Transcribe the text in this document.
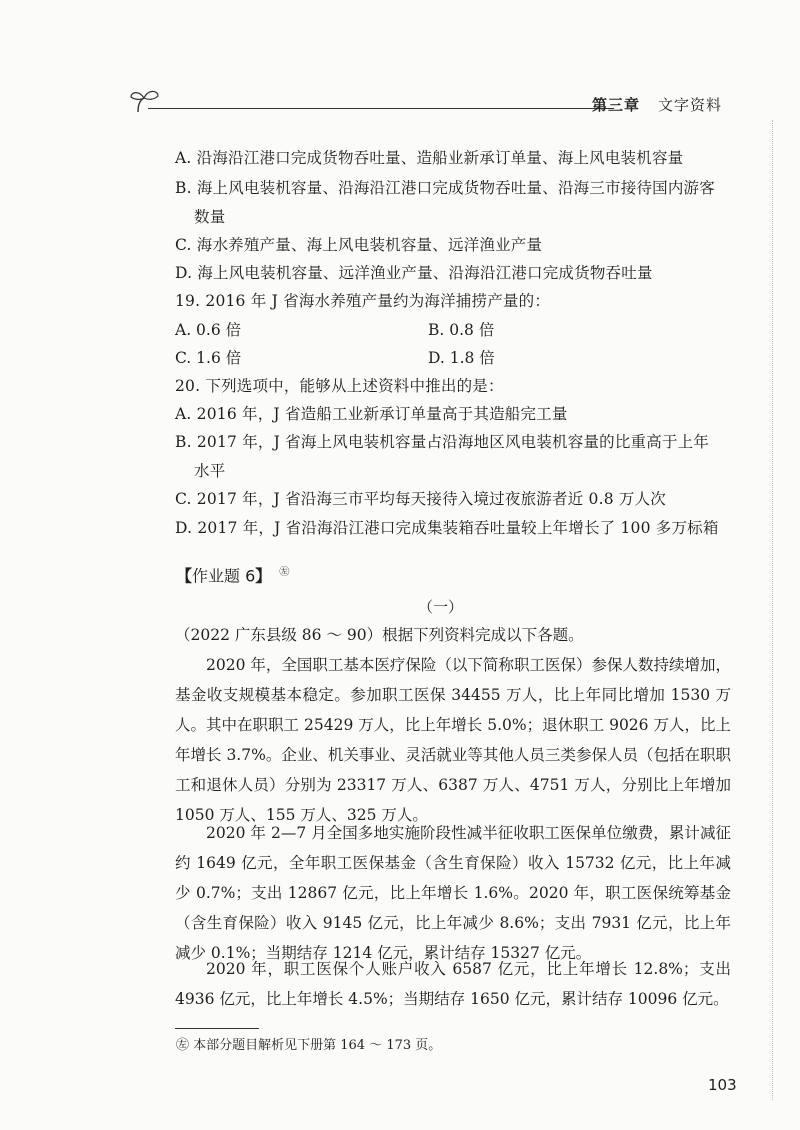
第三章 文字资料
A. 沿海沿江港口完成货物吞吐量、造船业新承订单量、海上风电装机容量
B. 海上风电装机容量、沿海沿江港口完成货物吞吐量、沿海三市接待国内游客
数量
C. 海水养殖产量、海上风电装机容量、远洋渔业产量
D. 海上风电装机容量、远洋渔业产量、沿海沿江港口完成货物吞吐量
19. 2016 年 J 省海水养殖产量约为海洋捕捞产量的：
A. 0.6 倍	B. 0.8 倍
C. 1.6 倍	D. 1.8 倍
20. 下列选项中，能够从上述资料中推出的是：
A. 2016 年，J 省造船工业新承订单量高于其造船完工量
B. 2017 年，J 省海上风电装机容量占沿海地区风电装机容量的比重高于上年
水平
C. 2017 年，J 省沿海三市平均每天接待入境过夜旅游者近 0.8 万人次
D. 2017 年，J 省沿海沿江港口完成集装箱吞吐量较上年增长了 100 多万标箱
【作业题 6】 ㊧
（一）

（2022 广东县级 86 ～ 90）根据下列资料完成以下各题。

2020 年，全国职工基本医疗保险（以下简称职工医保）参保人数持续增加，基金收支规模基本稳定。参加职工医保 34455 万人，比上年同比增加 1530 万人。其中在职职工 25429 万人，比上年增长 5.0%；退休职工 9026 万人，比上年增长 3.7%。企业、机关事业、灵活就业等其他人员三类参保人员（包括在职职工和退休人员）分别为 23317 万人、6387 万人、4751 万人，分别比上年增加 1050 万人、155 万人、325 万人。

2020 年 2—7 月全国多地实施阶段性减半征收职工医保单位缴费，累计减征约 1649 亿元，全年职工医保基金（含生育保险）收入 15732 亿元，比上年减少 0.7%；支出 12867 亿元，比上年增长 1.6%。2020 年，职工医保统筹基金（含生育保险）收入 9145 亿元，比上年减少 8.6%；支出 7931 亿元，比上年减少 0.1%；当期结存 1214 亿元，累计结存 15327 亿元。

2020 年，职工医保个人账户收入 6587 亿元，比上年增长 12.8%；支出 4936 亿元，比上年增长 4.5%；当期结存 1650 亿元，累计结存 10096 亿元。

㊧ 本部分题目解析见下册第 164 ～ 173 页。
103
